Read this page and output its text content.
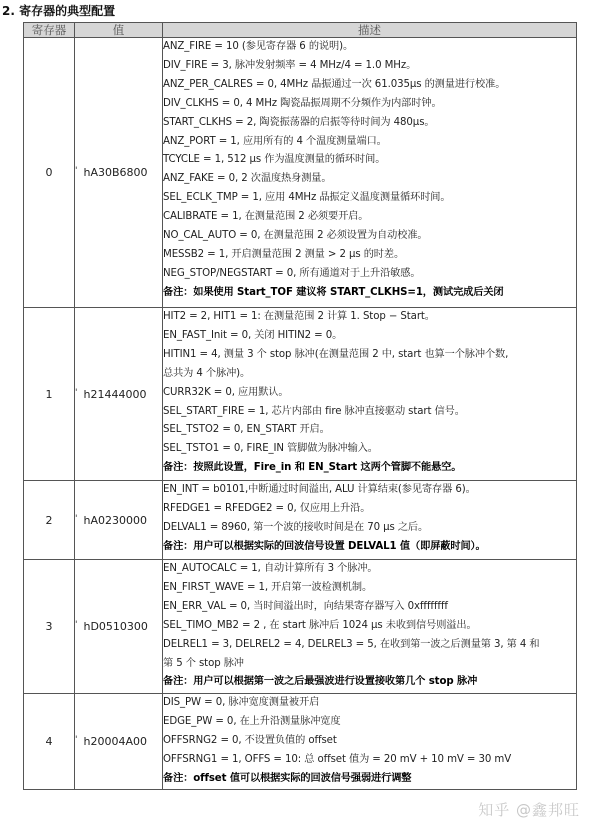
2. 寄存器的典型配置
寄存器	值	描述
0	' hA30B6800	
ANZ_FIRE = 10 (参见寄存器 6 的说明)。
DIV_FIRE = 3, 脉冲发射频率 = 4 MHz/4 = 1.0 MHz。
ANZ_PER_CALRES = 0, 4MHz 晶振通过一次 61.035μs 的测量进行校准。
DIV_CLKHS = 0, 4 MHz 陶瓷晶振周期不分频作为内部时钟。
START_CLKHS = 2, 陶瓷振荡器的启振等待时间为 480μs。
ANZ_PORT = 1, 应用所有的 4 个温度测量端口。
TCYCLE = 1, 512 μs 作为温度测量的循环时间。
ANZ_FAKE = 0, 2 次温度热身测量。
SEL_ECLK_TMP = 1, 应用 4MHz 晶振定义温度测量循环时间。
CALIBRATE = 1, 在测量范围 2 必须要开启。
NO_CAL_AUTO = 0, 在测量范围 2 必须设置为自动校准。
MESSB2 = 1, 开启测量范围 2 测量 > 2 μs 的时差。
NEG_STOP/NEGSTART = 0, 所有通道对于上升沿敏感。
备注：如果使用 Start_TOF 建议将 START_CLKHS=1，测试完成后关闭

1	' h21444000	
HIT2 = 2, HIT1 = 1: 在测量范围 2 计算 1. Stop − Start。
EN_FAST_Init = 0, 关闭 HITIN2 = 0。
HITIN1 = 4, 测量 3 个 stop 脉冲(在测量范围 2 中, start 也算一个脉冲个数,
总共为 4 个脉冲)。
CURR32K = 0, 应用默认。
SEL_START_FIRE = 1, 芯片内部由 fire 脉冲直接驱动 start 信号。
SEL_TSTO2 = 0, EN_START 开启。
SEL_TSTO1 = 0, FIRE_IN 管脚做为脉冲输入。
备注：按照此设置，Fire_in 和 EN_Start 这两个管脚不能悬空。

2	' hA0230000	EN_INT = b0101,中断通过时间溢出, ALU 计算结束(参见寄存器 6)。
RFEDGE1 = RFEDGE2 = 0, 仅应用上升沿。
DELVAL1 = 8960, 第一个波的接收时间是在 70 μs 之后。
备注：用户可以根据实际的回波信号设置 DELVAL1 值（即屏蔽时间）。

3	' hD0510300	
EN_AUTOCALC = 1, 自动计算所有 3 个脉冲。
EN_FIRST_WAVE = 1, 开启第一波检测机制。
EN_ERR_VAL = 0, 当时间溢出时，向结果寄存器写入 0xffffffff
SEL_TIMO_MB2 = 2 , 在 start 脉冲后 1024 μs 未收到信号则溢出。
DELREL1 = 3, DELREL2 = 4, DELREL3 = 5, 在收到第一波之后测量第 3, 第 4 和
第 5 个 stop 脉冲
备注：用户可以根据第一波之后最强波进行设置接收第几个 stop 脉冲

4	' h20004A00	DIS_PW = 0, 脉冲宽度测量被开启
EDGE_PW = 0, 在上升沿测量脉冲宽度
OFFSRNG2 = 0, 不设置负值的 offset
OFFSRNG1 = 1, OFFS = 10: 总 offset 值为 = 20 mV + 10 mV = 30 mV
备注：offset 值可以根据实际的回波信号强弱进行调整
知乎 @鑫邦旺
